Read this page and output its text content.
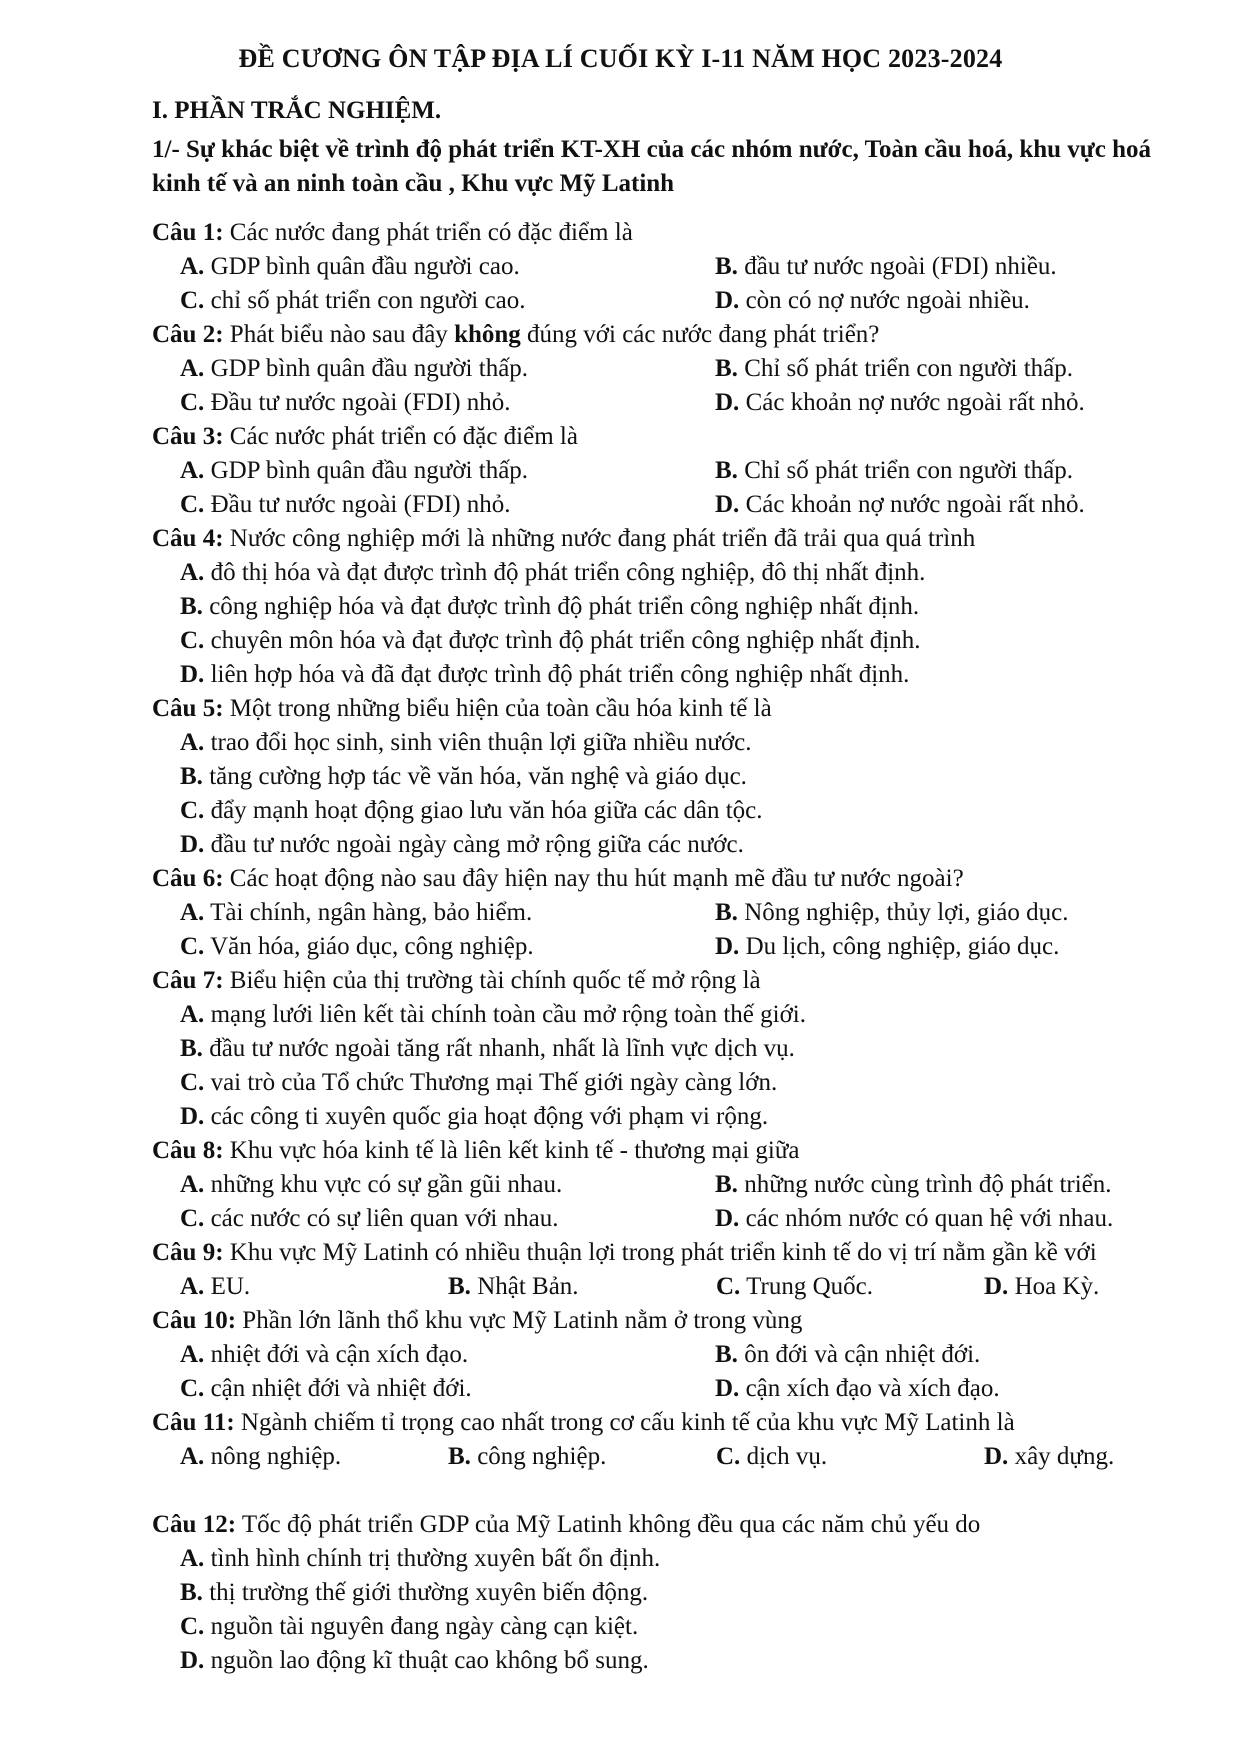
ĐỀ CƯƠNG ÔN TẬP ĐỊA LÍ CUỐI KỲ I-11 NĂM HỌC 2023-2024
I. PHẦN TRẮC NGHIỆM.
1/- Sự khác biệt về trình độ phát triển KT-XH của các nhóm nước, Toàn cầu hoá, khu vực hoá kinh tế và an ninh toàn cầu , Khu vực Mỹ Latinh
Câu 1: Các nước đang phát triển có đặc điểm là
A. GDP bình quân đầu người cao.	B. đầu tư nước ngoài (FDI) nhiều.
C. chỉ số phát triển con người cao.	D. còn có nợ nước ngoài nhiều.
Câu 2: Phát biểu nào sau đây không đúng với các nước đang phát triển?
A. GDP bình quân đầu người thấp.	B. Chỉ số phát triển con người thấp.
C. Đầu tư nước ngoài (FDI) nhỏ.	D. Các khoản nợ nước ngoài rất nhỏ.
Câu 3: Các nước phát triển có đặc điểm là
A. GDP bình quân đầu người thấp.	B. Chỉ số phát triển con người thấp.
C. Đầu tư nước ngoài (FDI) nhỏ.	D. Các khoản nợ nước ngoài rất nhỏ.
Câu 4: Nước công nghiệp mới là những nước đang phát triển đã trải qua quá trình
A. đô thị hóa và đạt được trình độ phát triển công nghiệp, đô thị nhất định.
B. công nghiệp hóa và đạt được trình độ phát triển công nghiệp nhất định.
C. chuyên môn hóa và đạt được trình độ phát triển công nghiệp nhất định.
D. liên hợp hóa và đã đạt được trình độ phát triển công nghiệp nhất định.
Câu 5: Một trong những biểu hiện của toàn cầu hóa kinh tế là
A. trao đổi học sinh, sinh viên thuận lợi giữa nhiều nước.
B. tăng cường hợp tác về văn hóa, văn nghệ và giáo dục.
C. đẩy mạnh hoạt động giao lưu văn hóa giữa các dân tộc.
D. đầu tư nước ngoài ngày càng mở rộng giữa các nước.
Câu 6: Các hoạt động nào sau đây hiện nay thu hút mạnh mẽ đầu tư nước ngoài?
A. Tài chính, ngân hàng, bảo hiểm.	B. Nông nghiệp, thủy lợi, giáo dục.
C. Văn hóa, giáo dục, công nghiệp.	D. Du lịch, công nghiệp, giáo dục.
Câu 7: Biểu hiện của thị trường tài chính quốc tế mở rộng là
A. mạng lưới liên kết tài chính toàn cầu mở rộng toàn thế giới.
B. đầu tư nước ngoài tăng rất nhanh, nhất là lĩnh vực dịch vụ.
C. vai trò của Tổ chức Thương mại Thế giới ngày càng lớn.
D. các công ti xuyên quốc gia hoạt động với phạm vi rộng.
Câu 8: Khu vực hóa kinh tế là liên kết kinh tế - thương mại giữa
A. những khu vực có sự gần gũi nhau.	B. những nước cùng trình độ phát triển.
C. các nước có sự liên quan với nhau.	D. các nhóm nước có quan hệ với nhau.
Câu 9: Khu vực Mỹ Latinh có nhiều thuận lợi trong phát triển kinh tế do vị trí nằm gần kề với
A. EU.	B. Nhật Bản.	C. Trung Quốc.	D. Hoa Kỳ.
Câu 10: Phần lớn lãnh thổ khu vực Mỹ Latinh nằm ở trong vùng
A. nhiệt đới và cận xích đạo.	B. ôn đới và cận nhiệt đới.
C. cận nhiệt đới và nhiệt đới.	D. cận xích đạo và xích đạo.
Câu 11: Ngành chiếm tỉ trọng cao nhất trong cơ cấu kinh tế của khu vực Mỹ Latinh là
A. nông nghiệp.	B. công nghiệp.	C. dịch vụ.	D. xây dựng.
Câu 12: Tốc độ phát triển GDP của Mỹ Latinh không đều qua các năm chủ yếu do
A. tình hình chính trị thường xuyên bất ổn định.
B. thị trường thế giới thường xuyên biến động.
C. nguồn tài nguyên đang ngày càng cạn kiệt.
D. nguồn lao động kĩ thuật cao không bổ sung.
